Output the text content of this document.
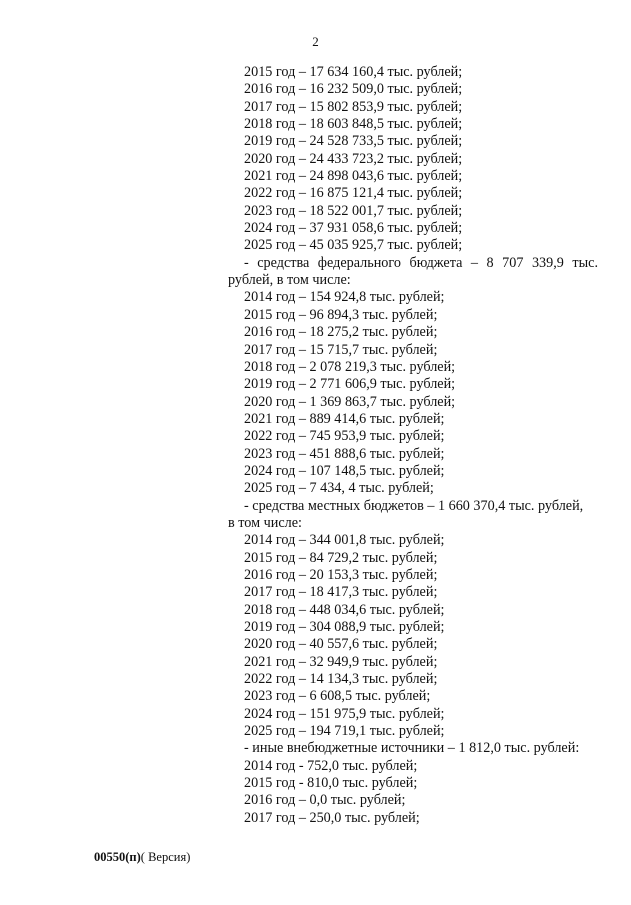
2
2015 год – 17 634 160,4 тыс. рублей;
2016 год – 16 232 509,0 тыс. рублей;
2017 год – 15 802 853,9 тыс. рублей;
2018 год – 18 603 848,5 тыс. рублей;
2019 год – 24 528 733,5 тыс. рублей;
2020 год – 24 433 723,2 тыс. рублей;
2021 год – 24 898 043,6 тыс. рублей;
2022 год – 16 875 121,4 тыс. рублей;
2023 год – 18 522 001,7 тыс. рублей;
2024 год – 37 931 058,6 тыс. рублей;
2025 год – 45 035 925,7 тыс. рублей;
- средства федерального бюджета – 8 707 339,9 тыс.
рублей, в том числе:
2014 год – 154 924,8 тыс. рублей;
2015 год – 96 894,3 тыс. рублей;
2016 год – 18 275,2 тыс. рублей;
2017 год – 15 715,7 тыс. рублей;
2018 год – 2 078 219,3 тыс. рублей;
2019 год – 2 771 606,9 тыс. рублей;
2020 год – 1 369 863,7 тыс. рублей;
2021 год – 889 414,6 тыс. рублей;
2022 год – 745 953,9 тыс. рублей;
2023 год – 451 888,6 тыс. рублей;
2024 год – 107 148,5 тыс. рублей;
2025 год – 7 434, 4 тыс. рублей;
- средства местных бюджетов – 1 660 370,4 тыс. рублей,
в том числе:
2014 год – 344 001,8 тыс. рублей;
2015 год – 84 729,2 тыс. рублей;
2016 год – 20 153,3 тыс. рублей;
2017 год – 18 417,3 тыс. рублей;
2018 год – 448 034,6 тыс. рублей;
2019 год – 304 088,9 тыс. рублей;
2020 год – 40 557,6 тыс. рублей;
2021 год – 32 949,9 тыс. рублей;
2022 год – 14 134,3 тыс. рублей;
2023 год – 6 608,5 тыс. рублей;
2024 год – 151 975,9 тыс. рублей;
2025 год – 194 719,1 тыс. рублей;
- иные внебюджетные источники – 1 812,0 тыс. рублей:
2014 год - 752,0 тыс. рублей;
2015 год - 810,0 тыс. рублей;
2016 год – 0,0 тыс. рублей;
2017 год – 250,0 тыс. рублей;
00550(п)( Версия)
